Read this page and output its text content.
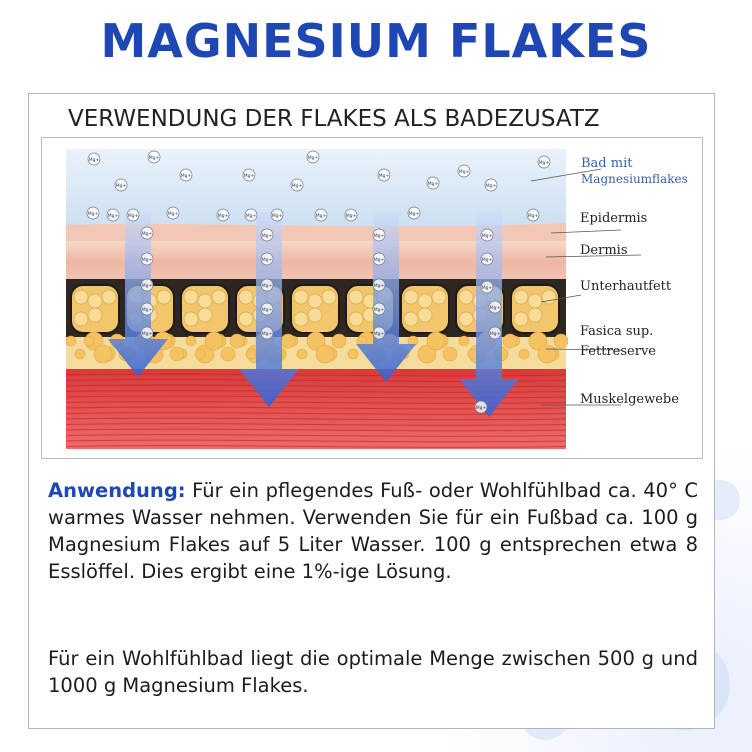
MAGNESIUM FLAKES
VERWENDUNG DER FLAKES ALS BADEZUSATZ
Mg+	Mg+	Mg+
Mg+
Mg+
Mg+	Mg+
Mg+
Mg+
Mg+
Mg+
Mg+
Mg+ Mg+ Mg+	Mg+	Mg+	Mg+	Mg+	Mg+	Mg+	Mg+	Mg+
Mg+	Mg+	Mg+	Mg+
Mg+	Mg+	Mg+	Mg+
Mg+	Mg+	Mg+	Mg+
Mg+	Mg+	Mg+	Mg+
Mg+	Mg+	Mg+	Mg+
Mg+
Bad mit
Magnesiumflakes
Epidermis
Dermis
Unterhautfett
Fasica sup.
Fettreserve
Muskelgewebe
Anwendung: Für ein pflegendes Fuß- oder Wohlfühlbad ca. 40° C warmes Wasser nehmen. Verwenden Sie für ein Fußbad ca. 100 g Magnesium Flakes auf 5 Liter Wasser. 100 g entsprechen etwa 8 Esslöffel. Dies ergibt eine 1%-ige Lösung.
Für ein Wohlfühlbad liegt die optimale Menge zwischen 500 g und 1000 g Magnesium Flakes.
